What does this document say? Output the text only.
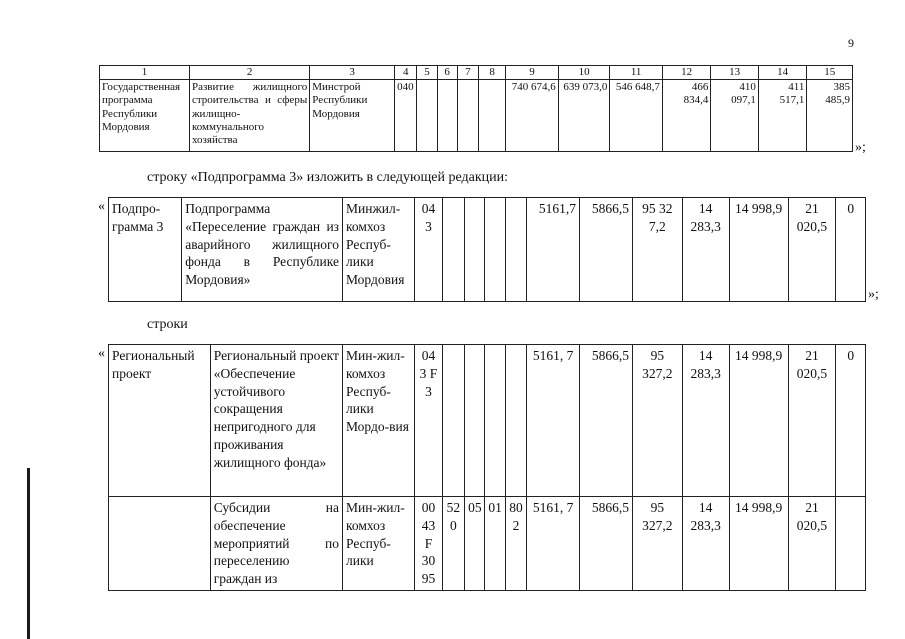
9
1	2	3	4	5	6	7	8	9	10	11	12	13	14	15
Государственная программа Республики Мордовия	Развитие жилищного строительства и сферы жилищно-коммунального хозяйства	Минстрой Республики Мордовия	040					740 674,6	639 073,0	546 648,7	466 834,4	410 097,1	411 517,1	385 485,9
»;
строку «Подпрограмма 3» изложить в следующей редакции:
« Подпро-грамма 3	Подпрограмма «Переселение граждан из аварийного жилищного фонда в Республике Мордовия»	Минжил-комхоз Респуб-лики Мордовия	04 3					5161,7	5866,5	95 32 7,2	14 283,3	14 998,9	21 020,5	0
»;
строки
« Региональный проект	Региональный проект «Обеспечение устойчивого сокращения непригодного для проживания жилищного фонда»	Мин-жил-комхоз Респуб-лики Мордо-вия	04 3 F 3					5161, 7	5866,5	95 327,2	14 283,3	14 998,9	21 020,5	0
	Субсидии на обеспечение мероприятий по переселению граждан из	Мин-жил-комхоз Респуб-лики	00 43 F 30 95	52 0	05	01	80 2	5161, 7	5866,5	95 327,2	14 283,3	14 998,9	21 020,5	
